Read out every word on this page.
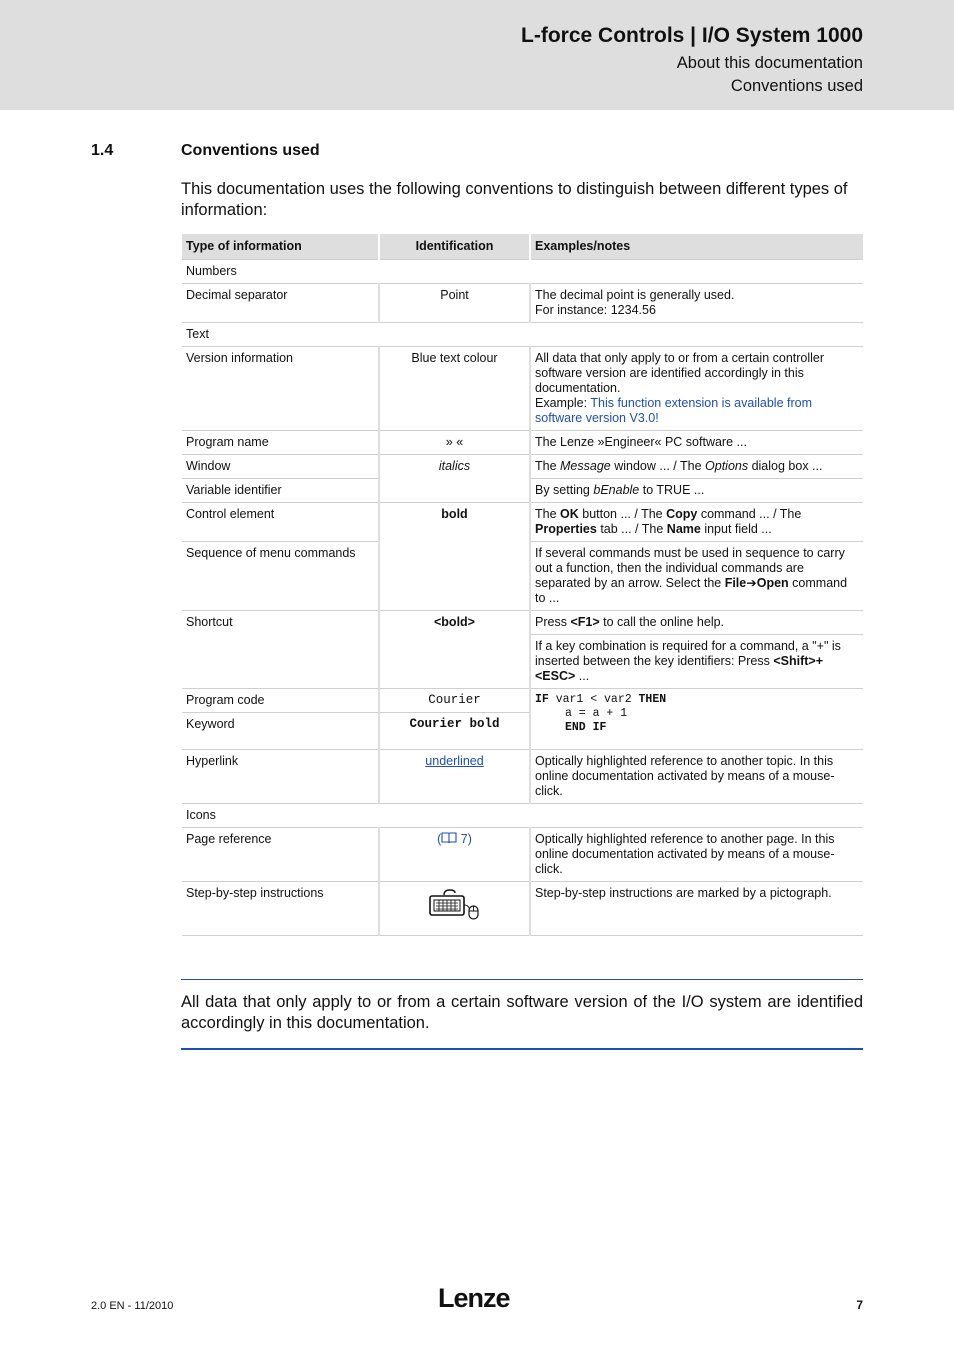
L-force Controls | I/O System 1000
About this documentation
Conventions used
1.4	Conventions used
This documentation uses the following conventions to distinguish between different types of information:
Type of information	Identification	Examples/notes
Numbers		
Decimal separator	Point	The decimal point is generally used.
For instance: 1234.56

Text		
Version information	Blue text colour	All data that only apply to or from a certain controller software version are identified accordingly in this documentation.
Example: This function extension is available from software version V3.0!

Program name	» «	The Lenze »Engineer« PC software ...
Window	italics	The Message window ... / The Options dialog box ...
Variable identifier		By setting bEnable to TRUE ...
Control element	bold	The OK button ... / The Copy command ... / The Properties tab ... / The Name input field ...
Sequence of menu commands		If several commands must be used in sequence to carry out a function, then the individual commands are separated by an arrow. Select the File➔Open command to ...
Shortcut	<bold>	Press <F1> to call the online help.
		If a key combination is required for a command, a "+" is inserted between the key identifiers: Press <Shift>+<ESC> ...
Program code	Courier	IF var1 < var2 THEN
a = a + 1
END IF

Keyword	Courier bold	
Hyperlink	underlined	Optically highlighted reference to another topic. In this online documentation activated by means of a mouse-click.
Icons		
Page reference	( 7)	Optically highlighted reference to another page. In this online documentation activated by means of a mouse-click.
Step-by-step instructions		Step-by-step instructions are marked by a pictograph.
All data that only apply to or from a certain software version of the I/O system are identified accordingly in this documentation.
2.0 EN - 11/2010	Lenze	7
